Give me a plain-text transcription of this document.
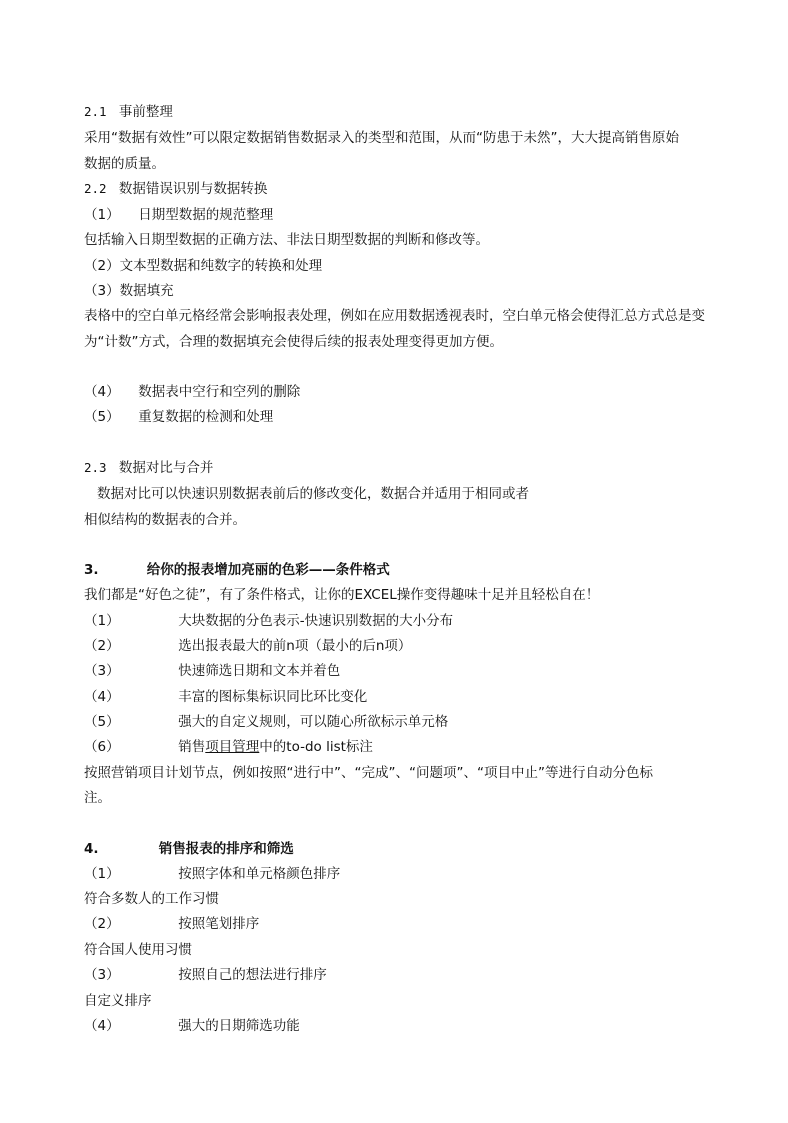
2.1 事前整理
采用“数据有效性”可以限定数据销售数据录入的类型和范围，从而“防患于未然”，大大提高销售原始
数据的质量。
2.2 数据错误识别与数据转换
（1） 日期型数据的规范整理
包括输入日期型数据的正确方法、非法日期型数据的判断和修改等。
（2）文本型数据和纯数字的转换和处理
（3）数据填充
表格中的空白单元格经常会影响报表处理，例如在应用数据透视表时，空白单元格会使得汇总方式总是变
为“计数”方式，合理的数据填充会使得后续的报表处理变得更加方便。
（4） 数据表中空行和空列的删除
（5） 重复数据的检测和处理
2.3 数据对比与合并
数据对比可以快速识别数据表前后的修改变化，数据合并适用于相同或者
相似结构的数据表的合并。
3.	给你的报表增加亮丽的色彩——条件格式
我们都是“好色之徒”，有了条件格式，让你的EXCEL操作变得趣味十足并且轻松自在！
（1）	大块数据的分色表示-快速识别数据的大小分布
（2）	选出报表最大的前n项（最小的后n项）
（3）	快速筛选日期和文本并着色
（4）	丰富的图标集标识同比环比变化
（5）	强大的自定义规则，可以随心所欲标示单元格
（6）	销售项目管理中的to-do list标注
按照营销项目计划节点，例如按照“进行中”、“完成”、“问题项”、“项目中止”等进行自动分色标
注。
4.	销售报表的排序和筛选
（1）	按照字体和单元格颜色排序
符合多数人的工作习惯
（2）	按照笔划排序
符合国人使用习惯
（3）	按照自己的想法进行排序
自定义排序
（4）	强大的日期筛选功能
